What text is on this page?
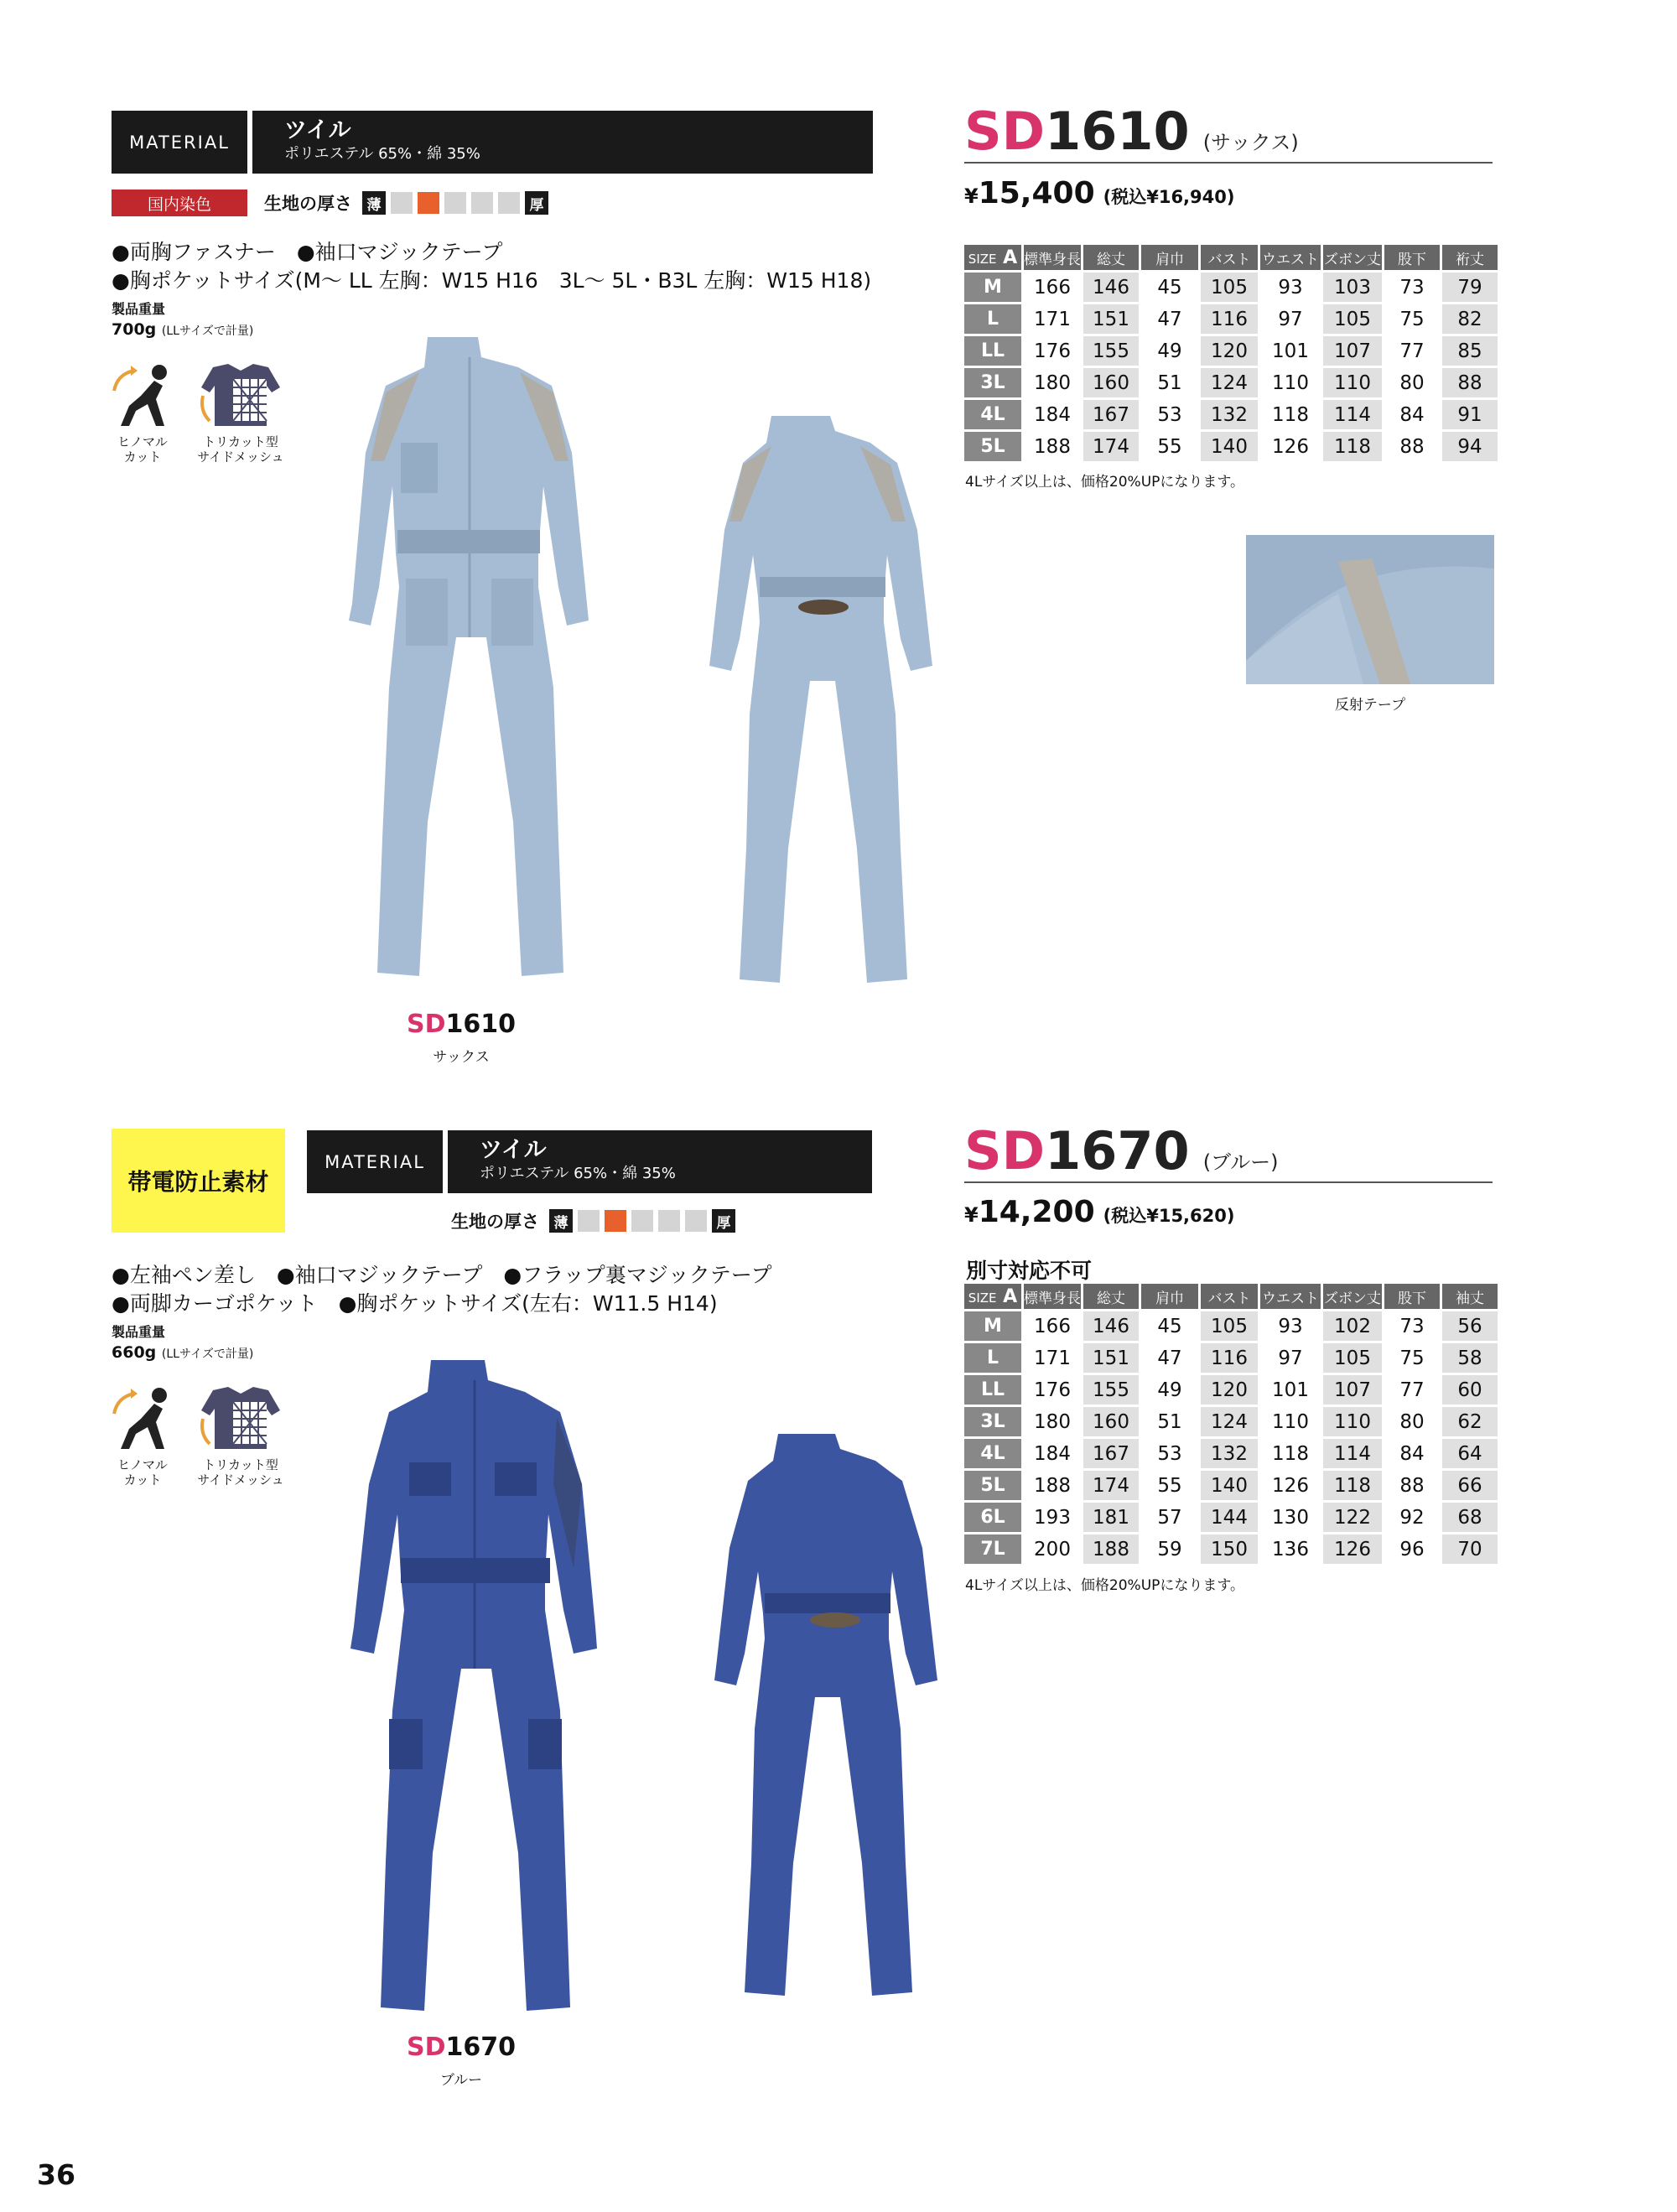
MATERIAL	ツイル
ポリエステル 65%・綿 35%
国内染色	生地の厚さ	薄	厚
●両胸ファスナー　●袖口マジックテープ
●胸ポケットサイズ(M〜 LL 左胸：W15 H16　3L〜 5L・B3L 左胸：W15 H18)
製品重量
700g (LLサイズで計量)
ヒノマル
カット
トリカット型
サイドメッシュ
SD1610
サックス
SD1610 (サックス)
¥15,400 (税込¥16,940)
SIZE A	標準身長	総丈	肩巾	バスト	ウエスト	ズボン丈	股下	裄丈
M	166	146	45	105	93	103	73	79
L	171	151	47	116	97	105	75	82
LL	176	155	49	120	101	107	77	85
3L	180	160	51	124	110	110	80	88
4L	184	167	53	132	118	114	84	91
5L	188	174	55	140	126	118	88	94
4Lサイズ以上は、価格20%UPになります。
反射テープ
帯電防止素材
MATERIAL	ツイル
ポリエステル 65%・綿 35%
生地の厚さ	薄	厚
●左袖ペン差し　●袖口マジックテープ　●フラップ裏マジックテープ
●両脚カーゴポケット　●胸ポケットサイズ(左右：W11.5 H14)
製品重量
660g (LLサイズで計量)
ヒノマル
カット
トリカット型
サイドメッシュ
SD1670
ブルー
SD1670 (ブルー)
¥14,200 (税込¥15,620)
別寸対応不可
SIZE A	標準身長	総丈	肩巾	バスト	ウエスト	ズボン丈	股下	袖丈
M	166	146	45	105	93	102	73	56
L	171	151	47	116	97	105	75	58
LL	176	155	49	120	101	107	77	60
3L	180	160	51	124	110	110	80	62
4L	184	167	53	132	118	114	84	64
5L	188	174	55	140	126	118	88	66
6L	193	181	57	144	130	122	92	68
7L	200	188	59	150	136	126	96	70
4Lサイズ以上は、価格20%UPになります。
36
